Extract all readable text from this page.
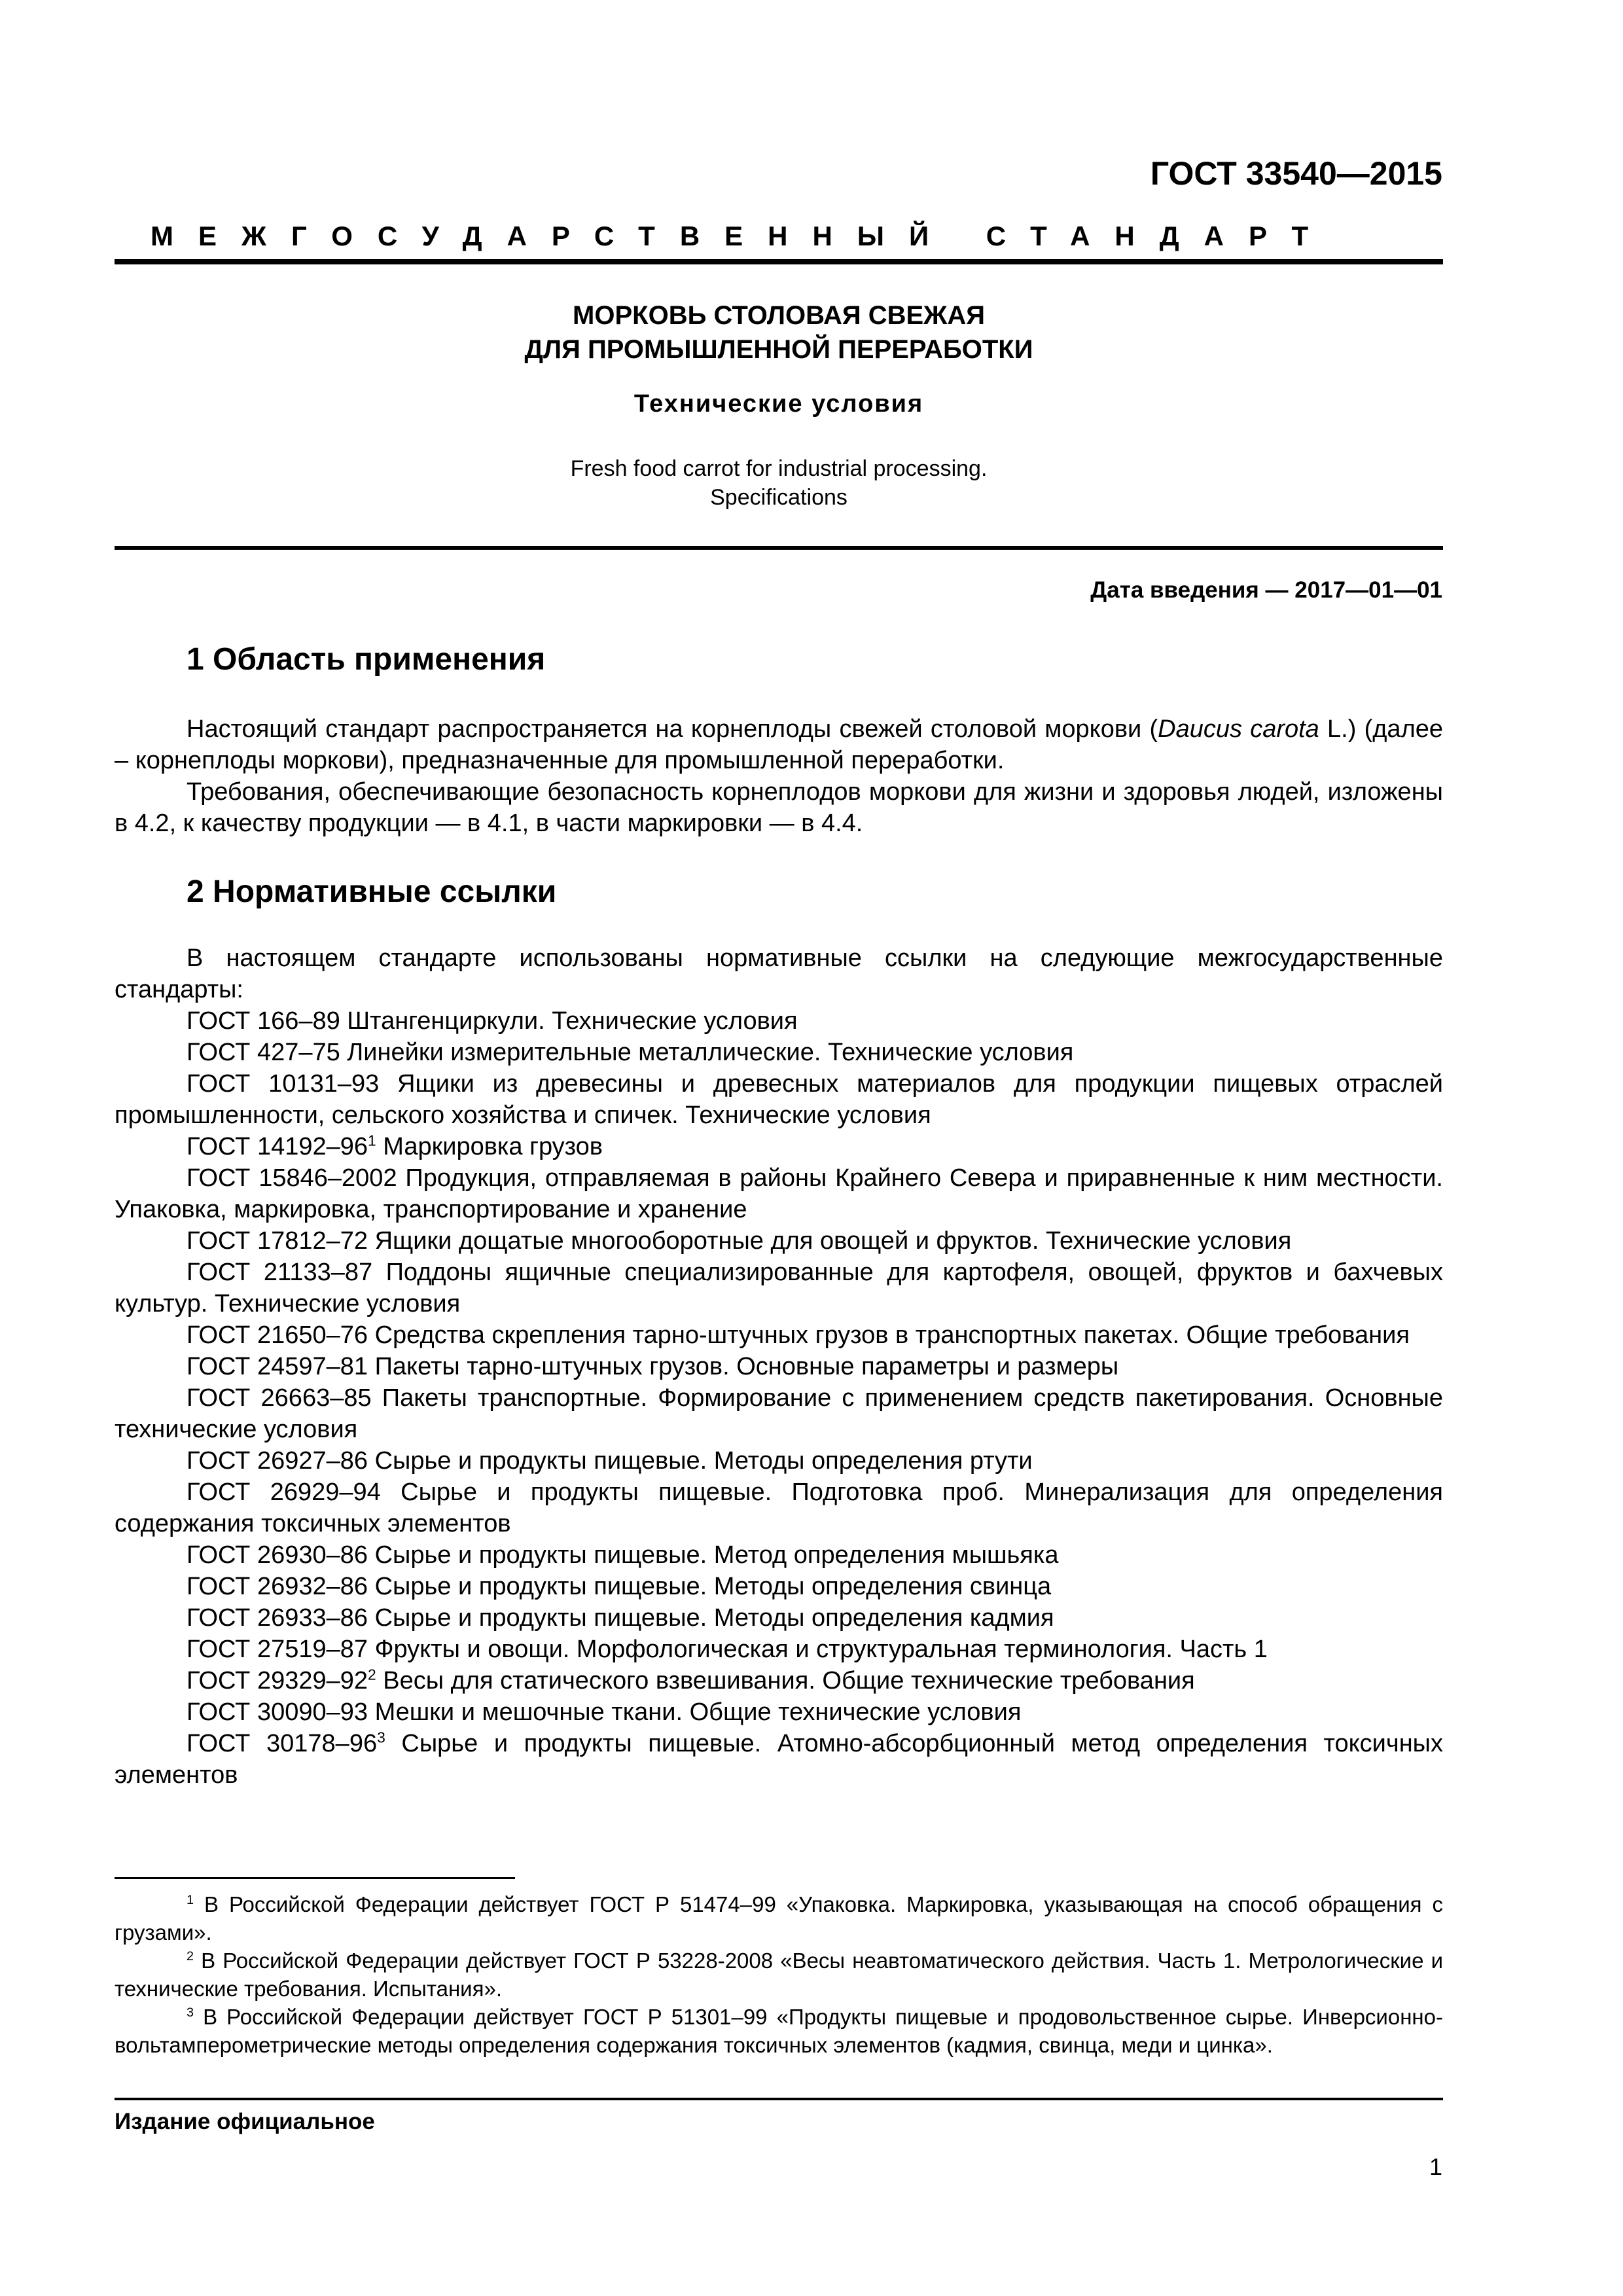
ГОСТ 33540—2015
МЕЖГОСУДАРСТВЕННЫЙ СТАНДАРТ
МОРКОВЬ СТОЛОВАЯ СВЕЖАЯ
ДЛЯ ПРОМЫШЛЕННОЙ ПЕРЕРАБОТКИ
Технические условия
Fresh food carrot for industrial processing.
Specifications
Дата введения — 2017—01—01
1 Область применения

Настоящий стандарт распространяется на корнеплоды свежей столовой моркови (Daucus carota L.) (далее – корнеплоды моркови), предназначенные для промышленной переработки.

Требования, обеспечивающие безопасность корнеплодов моркови для жизни и здоровья людей, изложены в 4.2, к качеству продукции — в 4.1, в части маркировки — в 4.4.

2 Нормативные ссылки

В настоящем стандарте использованы нормативные ссылки на следующие межгосударственные стандарты:

ГОСТ 166–89 Штангенциркули. Технические условия

ГОСТ 427–75 Линейки измерительные металлические. Технические условия

ГОСТ 10131–93 Ящики из древесины и древесных материалов для продукции пищевых отраслей промышленности, сельского хозяйства и спичек. Технические условия

ГОСТ $14192-96^1$ Маркировка грузов

ГОСТ 15846–2002 Продукция, отправляемая в районы Крайнего Севера и приравненные к ним местности. Упаковка, маркировка, транспортирование и хранение

ГОСТ 17812–72 Ящики дощатые многооборотные для овощей и фруктов. Технические условия

ГОСТ 21133–87 Поддоны ящичные специализированные для картофеля, овощей, фруктов и бахчевых культур. Технические условия

ГОСТ 21650–76 Средства скрепления тарно-штучных грузов в транспортных пакетах. Общие требования

ГОСТ 24597–81 Пакеты тарно-штучных грузов. Основные параметры и размеры

ГОСТ 26663–85 Пакеты транспортные. Формирование с применением средств пакетирования. Основные технические условия

ГОСТ 26927–86 Сырье и продукты пищевые. Методы определения ртути

ГОСТ 26929–94 Сырье и продукты пищевые. Подготовка проб. Минерализация для определения содержания токсичных элементов

ГОСТ 26930–86 Сырье и продукты пищевые. Метод определения мышьяка

ГОСТ 26932–86 Сырье и продукты пищевые. Методы определения свинца

ГОСТ 26933–86 Сырье и продукты пищевые. Методы определения кадмия

ГОСТ 27519–87 Фрукты и овощи. Морфологическая и структуральная терминология. Часть 1

ГОСТ $29329-92^2$ Весы для статического взвешивания. Общие технические требования

ГОСТ 30090–93 Мешки и мешочные ткани. Общие технические условия

ГОСТ $30178-96^3$ Сырье и продукты пищевые. Атомно-абсорбционный метод определения токсичных элементов

$^1$ В Российской Федерации действует ГОСТ Р 51474–99 «Упаковка. Маркировка, указывающая на способ обращения с грузами».

$^2$ В Российской Федерации действует ГОСТ Р 53228-2008 «Весы неавтоматического действия. Часть 1. Метрологические и технические требования. Испытания».

$^3$ В Российской Федерации действует ГОСТ Р 51301–99 «Продукты пищевые и продовольственное сырье. Инверсионно-вольтамперометрические методы определения содержания токсичных элементов (кадмия, свинца, меди и цинка».

Издание официальное
1
